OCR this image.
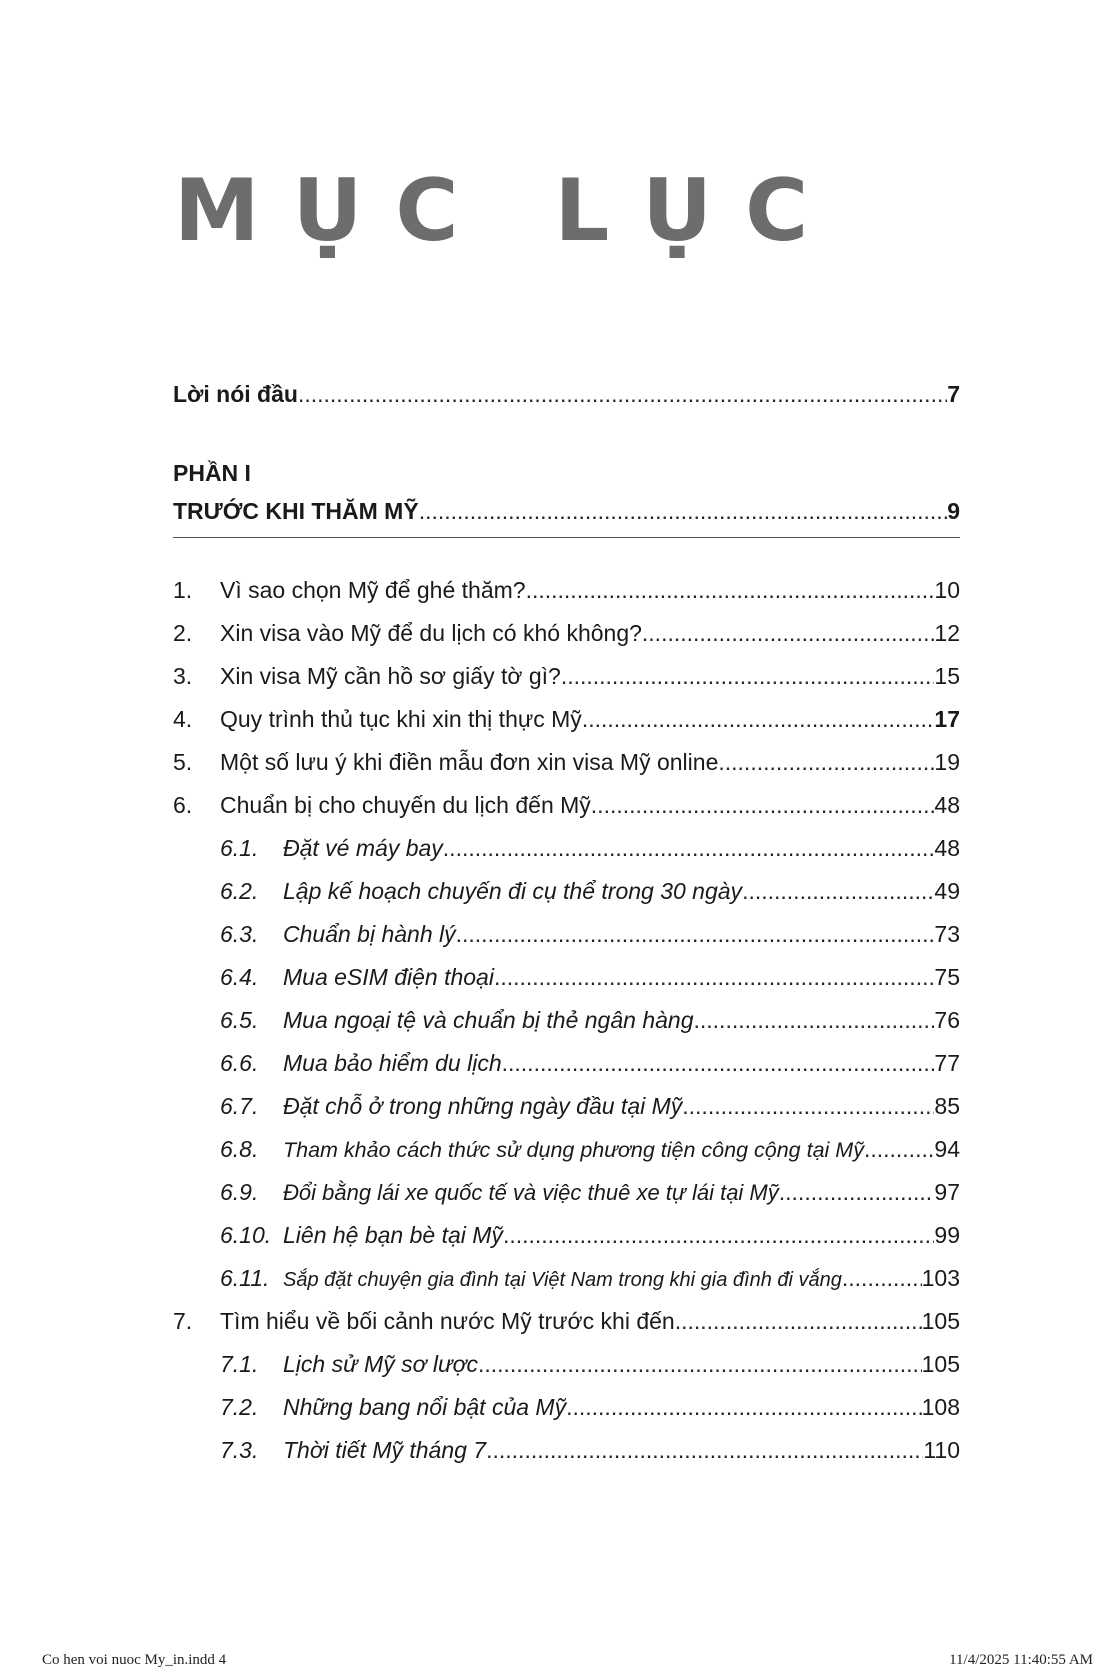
MỤC LỤC
Lời nói đầu .....	7
PHẦN I
TRƯỚC KHI THĂM MỸ .....	9
1.	Vì sao chọn Mỹ để ghé thăm? .....	10
2.	Xin visa vào Mỹ để du lịch có khó không? .....	12
3.	Xin visa Mỹ cần hồ sơ giấy tờ gì? .....	15
4.	Quy trình thủ tục khi xin thị thực Mỹ .....	17
5.	Một số lưu ý khi điền mẫu đơn xin visa Mỹ online .....	19
6.	Chuẩn bị cho chuyến du lịch đến Mỹ .....	48
6.1.	Đặt vé máy bay .....	48
6.2.	Lập kế hoạch chuyến đi cụ thể trong 30 ngày .....	49
6.3.	Chuẩn bị hành lý .....	73
6.4.	Mua eSIM điện thoại .....	75
6.5.	Mua ngoại tệ và chuẩn bị thẻ ngân hàng .....	76
6.6.	Mua bảo hiểm du lịch .....	77
6.7.	Đặt chỗ ở trong những ngày đầu tại Mỹ .....	85
6.8.	Tham khảo cách thức sử dụng phương tiện công cộng tại Mỹ .....	94
6.9.	Đổi bằng lái xe quốc tế và việc thuê xe tự lái tại Mỹ .....	97
6.10. Liên hệ bạn bè tại Mỹ .....	99
6.11. Sắp đặt chuyện gia đình tại Việt Nam trong khi gia đình đi vắng .....	103
7.	Tìm hiểu về bối cảnh nước Mỹ trước khi đến .....	105
7.1.	Lịch sử Mỹ sơ lược .....	105
7.2.	Những bang nổi bật của Mỹ .....	108
7.3.	Thời tiết Mỹ tháng 7 .....	110
Co hen voi nuoc My_in.indd 4	11/4/2025 11:40:55 AM
